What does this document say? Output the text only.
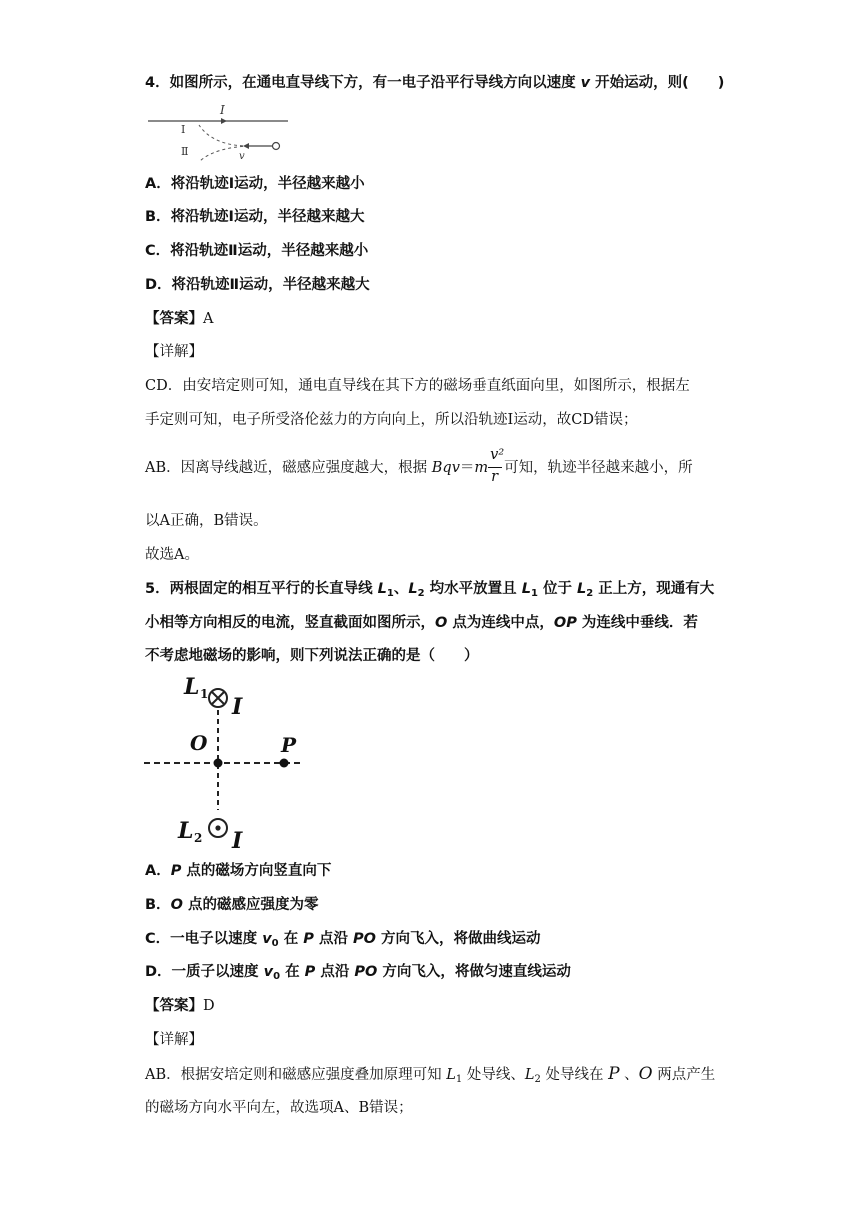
4．如图所示，在通电直导线下方，有一电子沿平行导线方向以速度 v 开始运动，则(　　)
I
Ⅰ
Ⅱ	v
A．将沿轨迹Ⅰ运动，半径越来越小
B．将沿轨迹Ⅰ运动，半径越来越大
C．将沿轨迹Ⅱ运动，半径越来越小
D．将沿轨迹Ⅱ运动，半径越来越大
【答案】A
【详解】
CD．由安培定则可知，通电直导线在其下方的磁场垂直纸面向里，如图所示，根据左
手定则可知，电子所受洛伦兹力的方向向上，所以沿轨迹Ⅰ运动，故CD错误；
AB．因离导线越近，磁感应强度越大，根据 $Bqv=m \frac{\text{v²}}{r}$ 可知，轨迹半径越来越小，所
以A正确，B错误。
故选A。
5．两根固定的相互平行的长直导线 $L_1$、$L_2$ 均水平放置且 $L_1$ 位于 $L_2$ 正上方，现通有大
小相等方向相反的电流，竖直截面如图所示，O 点为连线中点，OP 为连线中垂线．若
不考虑地磁场的影响，则下列说法正确的是（　　）
L 1 I
O	P
L 2 I
A．P 点的磁场方向竖直向下
B．O 点的磁感应强度为零
C．一电子以速度 $v_0$ 在 P 点沿 PO 方向飞入，将做曲线运动
D．一质子以速度 $v_0$ 在 P 点沿 PO 方向飞入，将做匀速直线运动
【答案】D
【详解】
AB．根据安培定则和磁感应强度叠加原理可知 $L_1$ 处导线、$L_2$ 处导线在 P 、O 两点产生
的磁场方向水平向左，故选项A、B错误；
